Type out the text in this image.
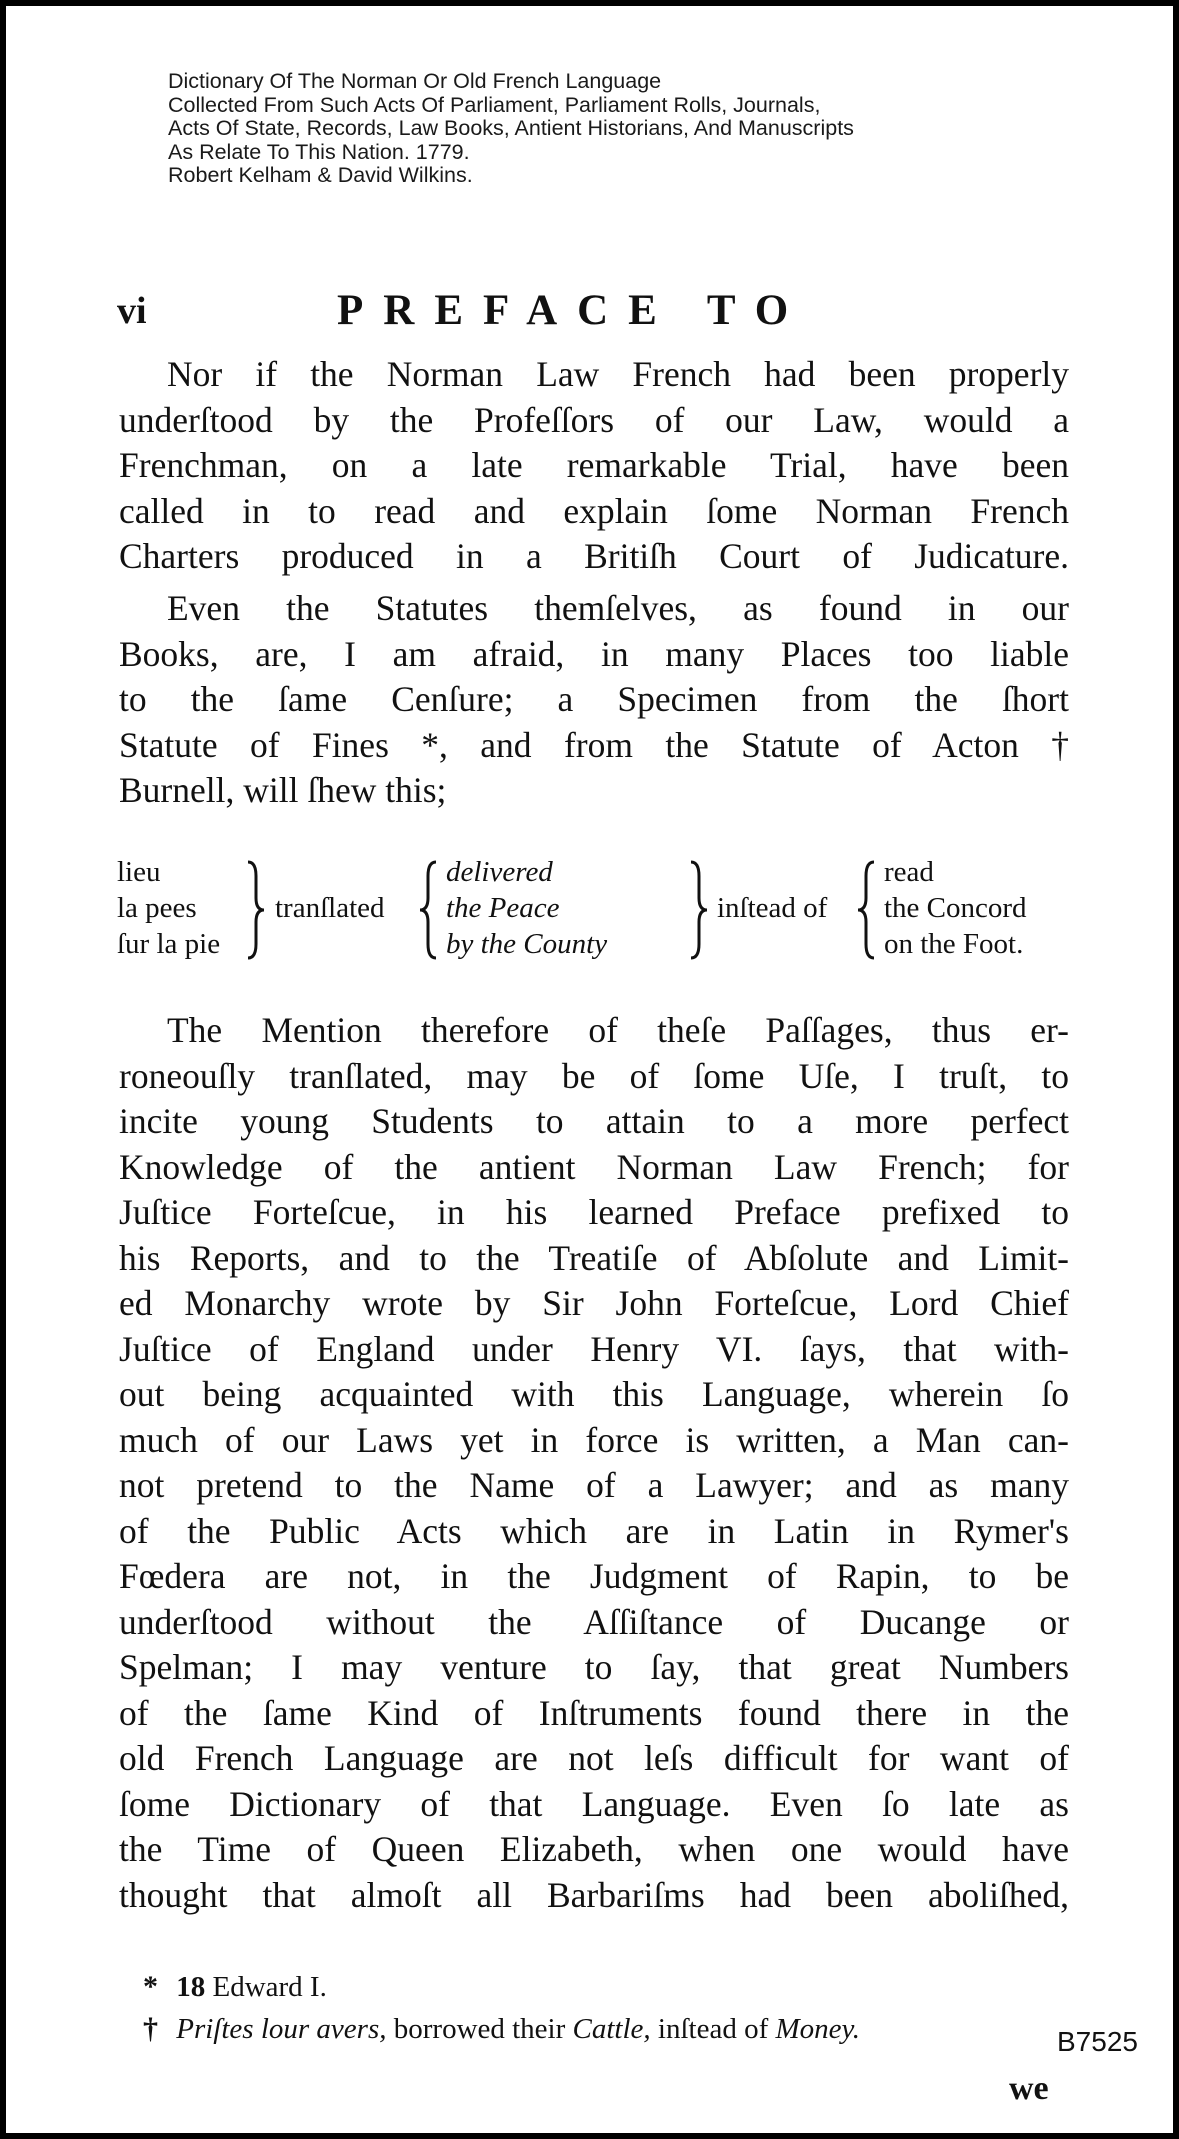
Dictionary Of The Norman Or Old French Language
Collected From Such Acts Of Parliament, Parliament Rolls, Journals,
Acts Of State, Records, Law Books, Antient Historians, And Manuscripts
As Relate To This Nation. 1779.
Robert Kelham & David Wilkins.
vi	PREFACE TO
Nor if the Norman Law French had been properly
underſtood by the Profeſſors of our Law, would a
Frenchman, on a late remarkable Trial, have been
called in to read and explain ſome Norman French
Charters produced in a Britiſh Court of Judicature.
Even the Statutes themſelves, as found in our
Books, are, I am afraid, in many Places too liable
to the ſame Cenſure; a Specimen from the ſhort
Statute of Fines *, and from the Statute of Acton †
Burnell, will ſhew this;
lieu
la pees
ſur la pie
tranſlated
delivered
the Peace
by the County
inſtead of
read
the Concord
on the Foot.
The Mention therefore of theſe Paſſages, thus er-
roneouſly tranſlated, may be of ſome Uſe, I truſt, to
incite young Students to attain to a more perfect
Knowledge of the antient Norman Law French; for
Juſtice Forteſcue, in his learned Preface prefixed to
his Reports, and to the Treatiſe of Abſolute and Limit-
ed Monarchy wrote by Sir John Forteſcue, Lord Chief
Juſtice of England under Henry VI. ſays, that with-
out being acquainted with this Language, wherein ſo
much of our Laws yet in force is written, a Man can-
not pretend to the Name of a Lawyer; and as many
of the Public Acts which are in Latin in Rymer's
Fœdera are not, in the Judgment of Rapin, to be
underſtood without the Aſſiſtance of Ducange or
Spelman; I may venture to ſay, that great Numbers
of the ſame Kind of Inſtruments found there in the
old French Language are not leſs difficult for want of
ſome Dictionary of that Language. Even ſo late as
the Time of Queen Elizabeth, when one would have
thought that almoſt all Barbariſms had been aboliſhed,
* 18 Edward I.
† Priſtes lour avers, borrowed their Cattle, inſtead of Money.	B7525
we
